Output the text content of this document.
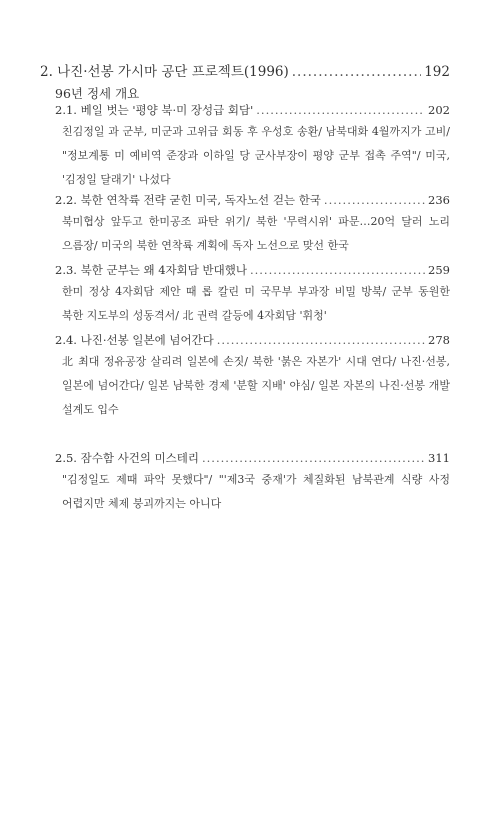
2. 나진·선봉 가시마 공단 프로젝트(1996) .....	192
96년 정세 개요
2.1. 베일 벗는 '평양 북·미 장성급 회담' .....	202
친김정일 과 군부, 미군과 고위급 회동 후 우성호 송환/ 남북대화 4월까지가 고비/ "정보계통 미 예비역 준장과 이하일 당 군사부장이 평양 군부 접촉 주역"/ 미국, '김정일 달래기' 나섰다
2.2. 북한 연착륙 전략 굳힌 미국, 독자노선 걷는 한국 .....	236
북미협상 앞두고 한미공조 파탄 위기/ 북한 '무력시위' 파문…20억 달러 노리 으름장/ 미국의 북한 연착륙 계획에 독자 노선으로 맞선 한국
2.3. 북한 군부는 왜 4자회담 반대했나 .....	259
한미 정상 4자회담 제안 때 롭 칼린 미 국무부 부과장 비밀 방북/ 군부 동원한 북한 지도부의 성동격서/ 北 권력 갈등에 4자회담 '휘청'
2.4. 나진·선봉 일본에 넘어간다 .....	278
北 최대 정유공장 살리려 일본에 손짓/ 북한 '붉은 자본가' 시대 연다/ 나진·선봉, 일본에 넘어간다/ 일본 남북한 경제 '분할 지배' 야심/ 일본 자본의 나진·선봉 개발 설계도 입수
2.5. 잠수함 사건의 미스테리 .....	311
"김정일도 제때 파악 못했다"/ "'제3국 중재'가 체질화된 남북관계 식량 사정 어렵지만 체제 붕괴까지는 아니다
